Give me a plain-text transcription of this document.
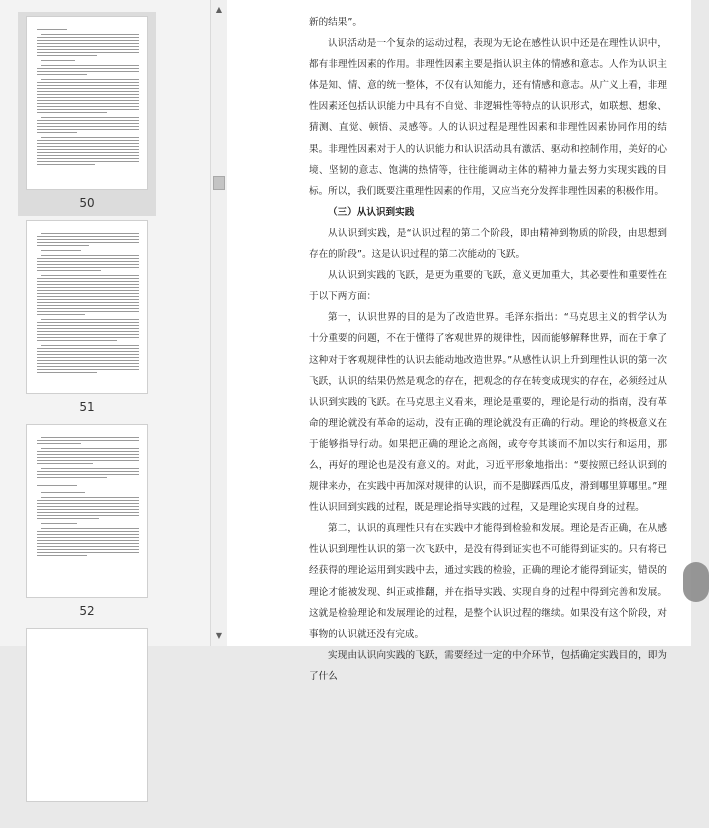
50
51
52
▲
▼

新的结果”。

认识活动是一个复杂的运动过程，表现为无论在感性认识中还是在理性认识中，都有非理性因素的作用。非理性因素主要是指认识主体的情感和意志。人作为认识主体是知、情、意的统一整体，不仅有认知能力，还有情感和意志。从广义上看，非理性因素还包括认识能力中具有不自觉、非逻辑性等特点的认识形式，如联想、想象、猜测、直觉、顿悟、灵感等。人的认识过程是理性因素和非理性因素协同作用的结果。非理性因素对于人的认识能力和认识活动具有激活、驱动和控制作用，美好的心境、坚韧的意志、饱满的热情等，往往能调动主体的精神力量去努力实现实践的目标。所以，我们既要注重理性因素的作用，又应当充分发挥非理性因素的积极作用。

（三）从认识到实践

从认识到实践，是“认识过程的第二个阶段，即由精神到物质的阶段，由思想到存在的阶段”。这是认识过程的第二次能动的飞跃。

从认识到实践的飞跃，是更为重要的飞跃，意义更加重大，其必要性和重要性在于以下两方面：

第一，认识世界的目的是为了改造世界。毛泽东指出：“马克思主义的哲学认为十分重要的问题，不在于懂得了客观世界的规律性，因而能够解释世界，而在于拿了这种对于客观规律性的认识去能动地改造世界。”从感性认识上升到理性认识的第一次飞跃，认识的结果仍然是观念的存在，把观念的存在转变成现实的存在，必须经过从认识到实践的飞跃。在马克思主义看来，理论是重要的，理论是行动的指南，没有革命的理论就没有革命的运动，没有正确的理论就没有正确的行动。理论的终极意义在于能够指导行动。如果把正确的理论之高阁，或夸夸其谈而不加以实行和运用，那么，再好的理论也是没有意义的。对此，习近平形象地指出：“要按照已经认识到的规律来办，在实践中再加深对规律的认识，而不是脚踩西瓜皮，滑到哪里算哪里。”理性认识回到实践的过程，既是理论指导实践的过程，又是理论实现自身的过程。

第二，认识的真理性只有在实践中才能得到检验和发展。理论是否正确，在从感性认识到理性认识的第一次飞跃中，是没有得到证实也不可能得到证实的。只有将已经获得的理论运用到实践中去，通过实践的检验，正确的理论才能得到证实，错误的理论才能被发现、纠正或推翻，并在指导实践、实现自身的过程中得到完善和发展。这就是检验理论和发展理论的过程，是整个认识过程的继续。如果没有这个阶段，对事物的认识就还没有完成。

实现由认识向实践的飞跃，需要经过一定的中介环节，包括确定实践目的，即为了什么
